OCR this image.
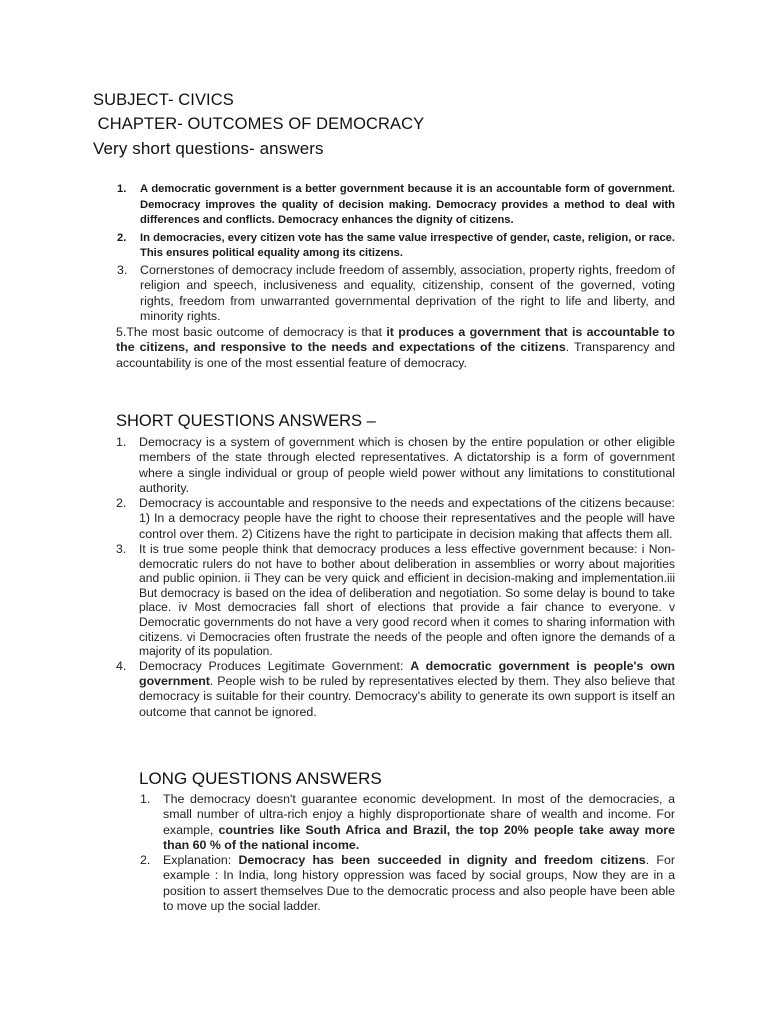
SUBJECT- CIVICS
CHAPTER- OUTCOMES OF DEMOCRACY
Very short questions- answers
1. A democratic government is a better government because it is an accountable form of government. Democracy improves the quality of decision making. Democracy provides a method to deal with differences and conflicts. Democracy enhances the dignity of citizens.
2. In democracies, every citizen vote has the same value irrespective of gender, caste, religion, or race. This ensures political equality among its citizens.
3. Cornerstones of democracy include freedom of assembly, association, property rights, freedom of religion and speech, inclusiveness and equality, citizenship, consent of the governed, voting rights, freedom from unwarranted governmental deprivation of the right to life and liberty, and minority rights.
5.The most basic outcome of democracy is that it produces a government that is accountable to the citizens, and responsive to the needs and expectations of the citizens. Transparency and accountability is one of the most essential feature of democracy.
SHORT QUESTIONS ANSWERS –
1. Democracy is a system of government which is chosen by the entire population or other eligible members of the state through elected representatives. A dictatorship is a form of government where a single individual or group of people wield power without any limitations to constitutional authority.
2. Democracy is accountable and responsive to the needs and expectations of the citizens because: 1) In a democracy people have the right to choose their representatives and the people will have control over them. 2) Citizens have the right to participate in decision making that affects them all.
3. It is true some people think that democracy produces a less effective government because: i Non-democratic rulers do not have to bother about deliberation in assemblies or worry about majorities and public opinion. ii They can be very quick and efficient in decision-making and implementation.iii But democracy is based on the idea of deliberation and negotiation. So some delay is bound to take place. iv Most democracies fall short of elections that provide a fair chance to everyone. v Democratic governments do not have a very good record when it comes to sharing information with citizens. vi Democracies often frustrate the needs of the people and often ignore the demands of a majority of its population.
4. Democracy Produces Legitimate Government: A democratic government is people's own government. People wish to be ruled by representatives elected by them. They also believe that democracy is suitable for their country. Democracy's ability to generate its own support is itself an outcome that cannot be ignored.
LONG QUESTIONS ANSWERS
1. The democracy doesn't guarantee economic development. In most of the democracies, a small number of ultra-rich enjoy a highly disproportionate share of wealth and income. For example, countries like South Africa and Brazil, the top 20% people take away more than 60 % of the national income.
2. Explanation: Democracy has been succeeded in dignity and freedom citizens. For example : In India, long history oppression was faced by social groups, Now they are in a position to assert themselves Due to the democratic process and also people have been able to move up the social ladder.
